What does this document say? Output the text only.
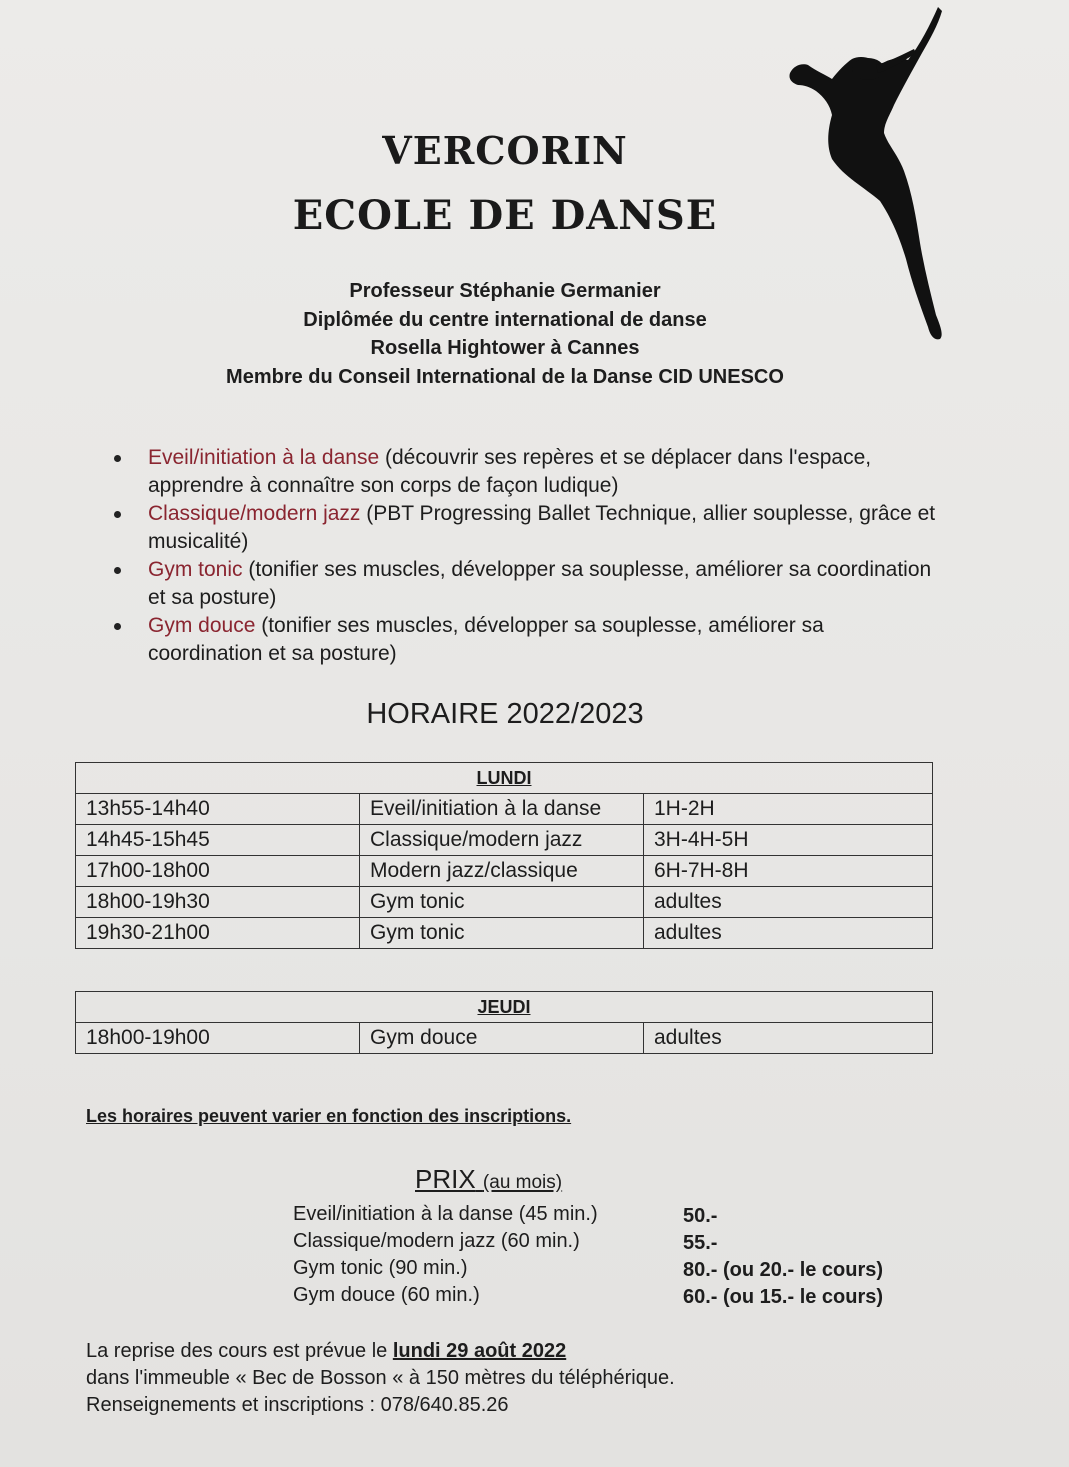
VERCORIN
ECOLE DE DANSE
Professeur Stéphanie Germanier
Diplômée du centre international de danse
Rosella Hightower à Cannes
Membre du Conseil International de la Danse CID UNESCO
Eveil/initiation à la danse (découvrir ses repères et se déplacer dans l'espace, apprendre à connaître son corps de façon ludique)
Classique/modern jazz (PBT Progressing Ballet Technique, allier souplesse, grâce et musicalité)
Gym tonic (tonifier ses muscles, développer sa souplesse, améliorer sa coordination et sa posture)
Gym douce (tonifier ses muscles, développer sa souplesse, améliorer sa coordination et sa posture)
HORAIRE 2022/2023
LUNDI		
13h55-14h40	Eveil/initiation à la danse	1H-2H
14h45-15h45	Classique/modern jazz	3H-4H-5H
17h00-18h00	Modern jazz/classique	6H-7H-8H
18h00-19h30	Gym tonic	adultes
19h30-21h00	Gym tonic	adultes
JEUDI
18h00-19h00	Gym douce	adultes
Les horaires peuvent varier en fonction des inscriptions.
PRIX (au mois)
Eveil/initiation à la danse (45 min.)	50.-
Classique/modern jazz (60 min.)	55.-
Gym tonic (90 min.)	80.- (ou 20.- le cours)
Gym douce (60 min.)	60.- (ou 15.- le cours)
La reprise des cours est prévue le lundi 29 août 2022
dans l'immeuble « Bec de Bosson « à 150 mètres du téléphérique.
Renseignements et inscriptions : 078/640.85.26
